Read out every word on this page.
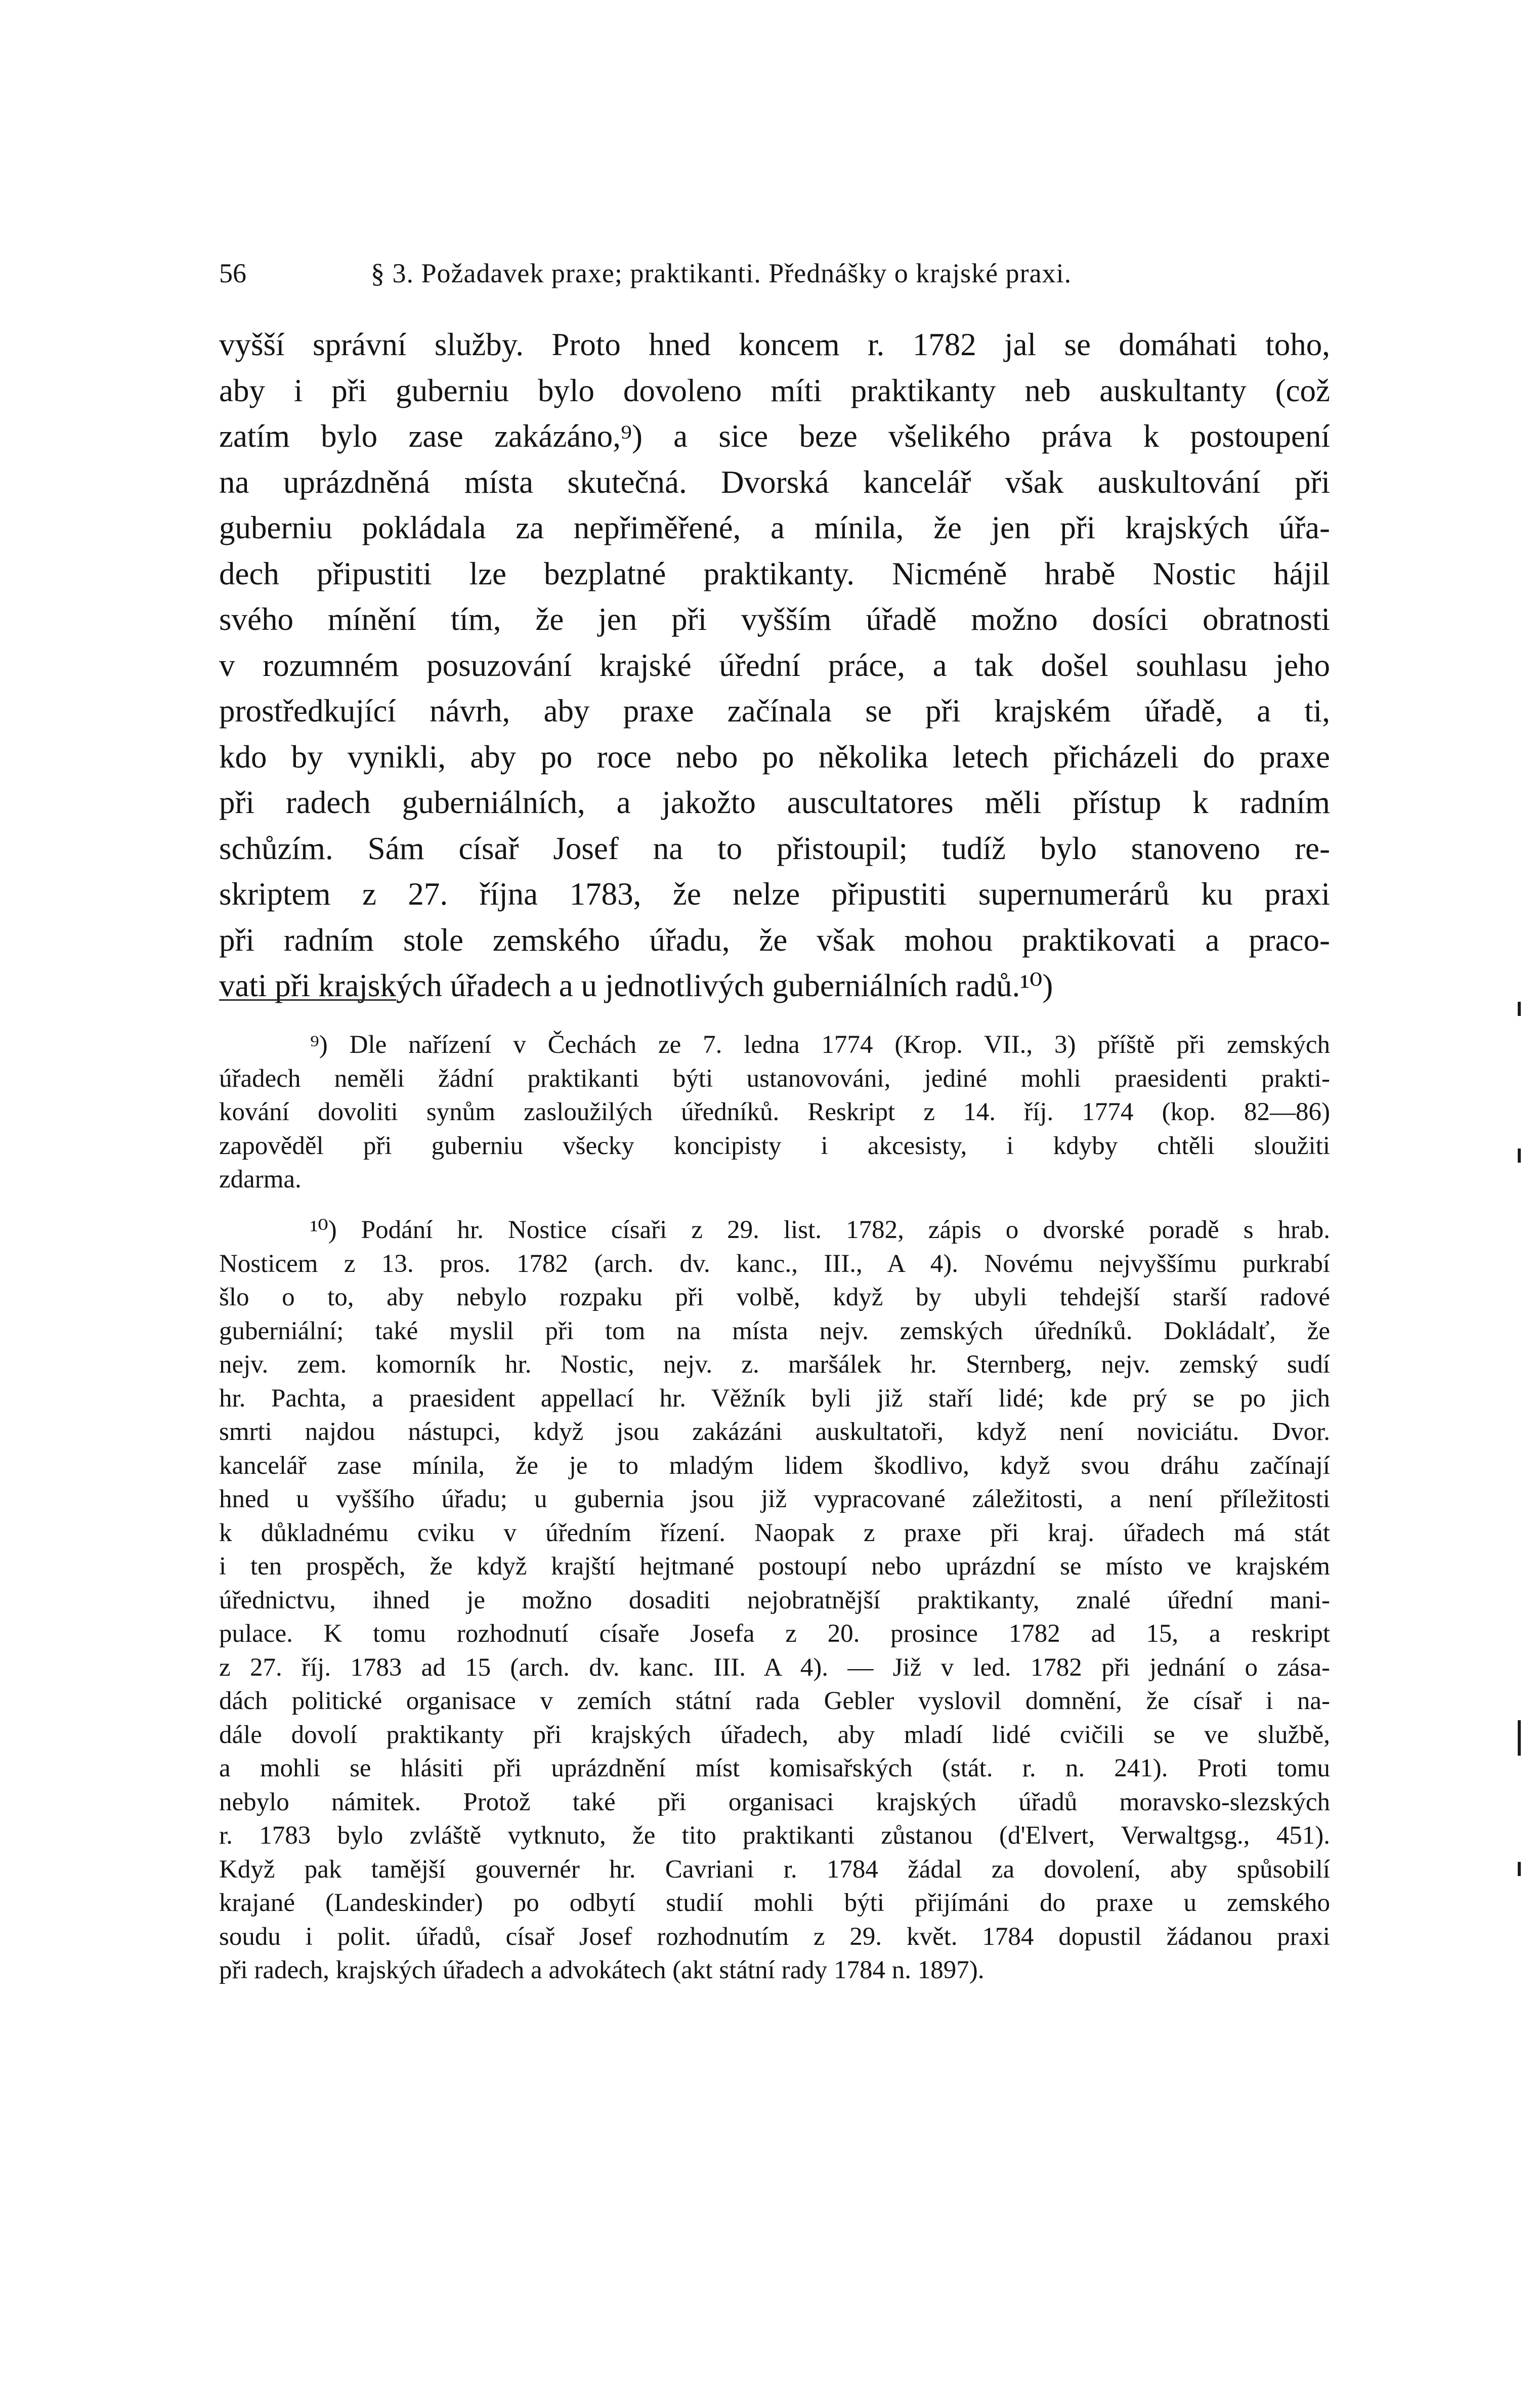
56	§ 3. Požadavek praxe; praktikanti. Přednášky o krajské praxi.
vyšší správní služby. Proto hned koncem r. 1782 jal se domáhati toho,
aby i při guberniu bylo dovoleno míti praktikanty neb auskultanty (což
zatím bylo zase zakázáno,⁹) a sice beze všelikého práva k postoupení
na uprázdněná místa skutečná. Dvorská kancelář však auskultování při
guberniu pokládala za nepřiměřené, a mínila, že jen při krajských úřa-
dech připustiti lze bezplatné praktikanty. Nicméně hrabě Nostic hájil
svého mínění tím, že jen při vyšším úřadě možno dosíci obratnosti
v rozumném posuzování krajské úřední práce, a tak došel souhlasu jeho
prostředkující návrh, aby praxe začínala se při krajském úřadě, a ti,
kdo by vynikli, aby po roce nebo po několika letech přicházeli do praxe
při radech guberniálních, a jakožto auscultatores měli přístup k radním
schůzím. Sám císař Josef na to přistoupil; tudíž bylo stanoveno re-
skriptem z 27. října 1783, že nelze připustiti supernumerárů ku praxi
při radním stole zemského úřadu, že však mohou praktikovati a praco-
vati při krajských úřadech a u jednotlivých guberniálních radů.¹⁰)
⁹) Dle nařízení v Čechách ze 7. ledna 1774 (Krop. VII., 3) příště při zemských
úřadech neměli žádní praktikanti býti ustanovováni, jediné mohli praesidenti prakti-
kování dovoliti synům zasloužilých úředníků. Reskript z 14. říj. 1774 (kop. 82—86)
zapověděl při guberniu všecky koncipisty i akcesisty, i kdyby chtěli sloužiti
zdarma.
¹⁰) Podání hr. Nostice císaři z 29. list. 1782, zápis o dvorské poradě s hrab.
Nosticem z 13. pros. 1782 (arch. dv. kanc., III., A 4). Novému nejvyššímu purkrabí
šlo o to, aby nebylo rozpaku při volbě, když by ubyli tehdejší starší radové
guberniální; také myslil při tom na místa nejv. zemských úředníků. Dokládalť, že
nejv. zem. komorník hr. Nostic, nejv. z. maršálek hr. Sternberg, nejv. zemský sudí
hr. Pachta, a praesident appellací hr. Věžník byli již staří lidé; kde prý se po jich
smrti najdou nástupci, když jsou zakázáni auskultatoři, když není noviciátu. Dvor.
kancelář zase mínila, že je to mladým lidem škodlivo, když svou dráhu začínají
hned u vyššího úřadu; u gubernia jsou již vypracované záležitosti, a není příležitosti
k důkladnému cviku v úředním řízení. Naopak z praxe při kraj. úřadech má stát
i ten prospěch, že když krajští hejtmané postoupí nebo uprázdní se místo ve krajském
úřednictvu, ihned je možno dosaditi nejobratnější praktikanty, znalé úřední mani-
pulace. K tomu rozhodnutí císaře Josefa z 20. prosince 1782 ad 15, a reskript
z 27. říj. 1783 ad 15 (arch. dv. kanc. III. A 4). — Již v led. 1782 při jednání o zása-
dách politické organisace v zemích státní rada Gebler vyslovil domnění, že císař i na-
dále dovolí praktikanty při krajských úřadech, aby mladí lidé cvičili se ve službě,
a mohli se hlásiti při uprázdnění míst komisařských (stát. r. n. 241). Proti tomu
nebylo námitek. Protož také při organisaci krajských úřadů moravsko-slezských
r. 1783 bylo zvláště vytknuto, že tito praktikanti zůstanou (d'Elvert, Verwaltgsg., 451).
Když pak tamější gouvernér hr. Cavriani r. 1784 žádal za dovolení, aby spůsobilí
krajané (Landeskinder) po odbytí studií mohli býti přijímáni do praxe u zemského
soudu i polit. úřadů, císař Josef rozhodnutím z 29. květ. 1784 dopustil žádanou praxi
při radech, krajských úřadech a advokátech (akt státní rady 1784 n. 1897).
